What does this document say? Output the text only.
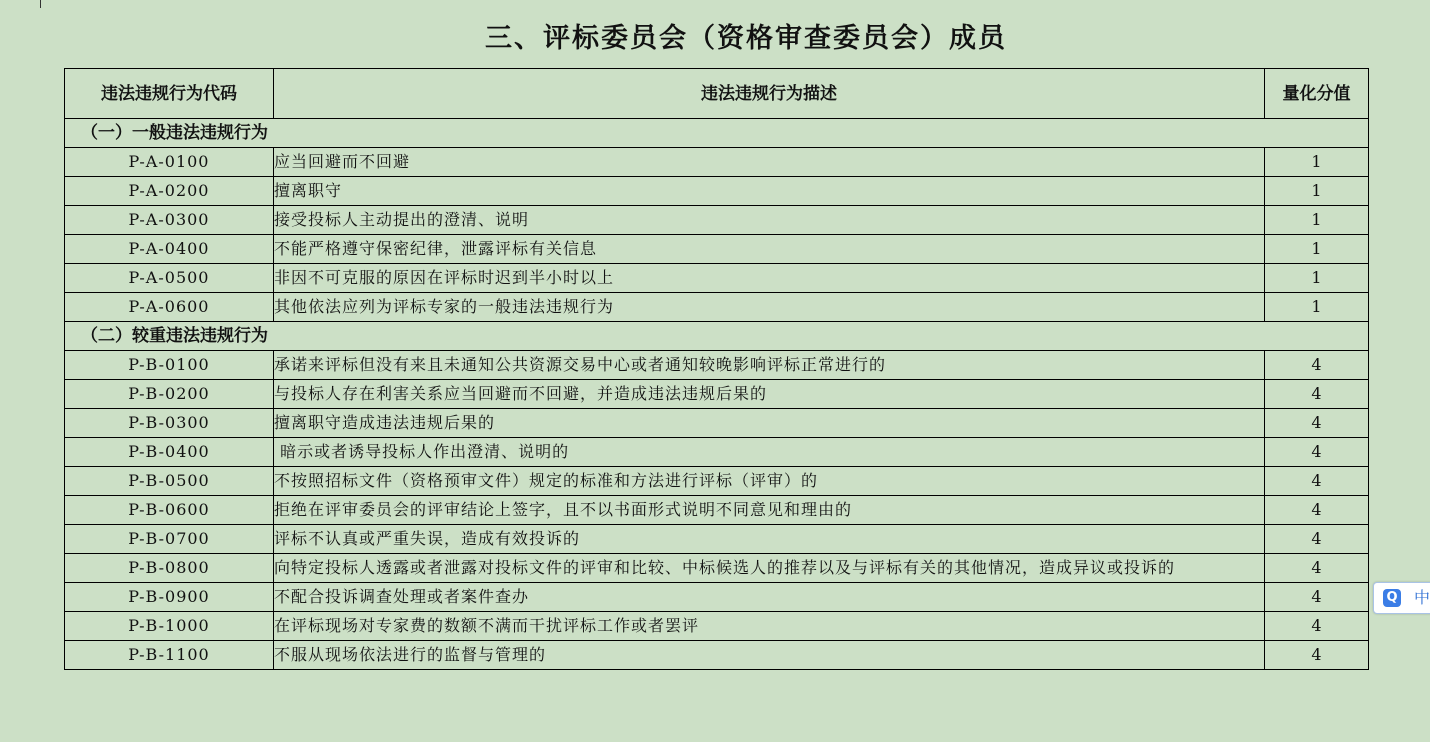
三、评标委员会（资格审查委员会）成员
违法违规行为代码	违法违规行为描述	量化分值
（一）一般违法违规行为		
P-A-0100	应当回避而不回避	1
P-A-0200	擅离职守	1
P-A-0300	接受投标人主动提出的澄清、说明	1
P-A-0400	不能严格遵守保密纪律，泄露评标有关信息	1
P-A-0500	非因不可克服的原因在评标时迟到半小时以上	1
P-A-0600	其他依法应列为评标专家的一般违法违规行为	1
（二）较重违法违规行为		
P-B-0100	承诺来评标但没有来且未通知公共资源交易中心或者通知较晚影响评标正常进行的	4
P-B-0200	与投标人存在利害关系应当回避而不回避，并造成违法违规后果的	4
P-B-0300	擅离职守造成违法违规后果的	4
P-B-0400	暗示或者诱导投标人作出澄清、说明的	4
P-B-0500	不按照招标文件（资格预审文件）规定的标准和方法进行评标（评审）的	4
P-B-0600	拒绝在评审委员会的评审结论上签字，且不以书面形式说明不同意见和理由的	4
P-B-0700	评标不认真或严重失误，造成有效投诉的	4
P-B-0800	向特定投标人透露或者泄露对投标文件的评审和比较、中标候选人的推荐以及与评标有关的其他情况，造成异议或投诉的	4
P-B-0900	不配合投诉调查处理或者案件查办	4
P-B-1000	在评标现场对专家费的数额不满而干扰评标工作或者罢评	4
P-B-1100	不服从现场依法进行的监督与管理的	4
Q 中
